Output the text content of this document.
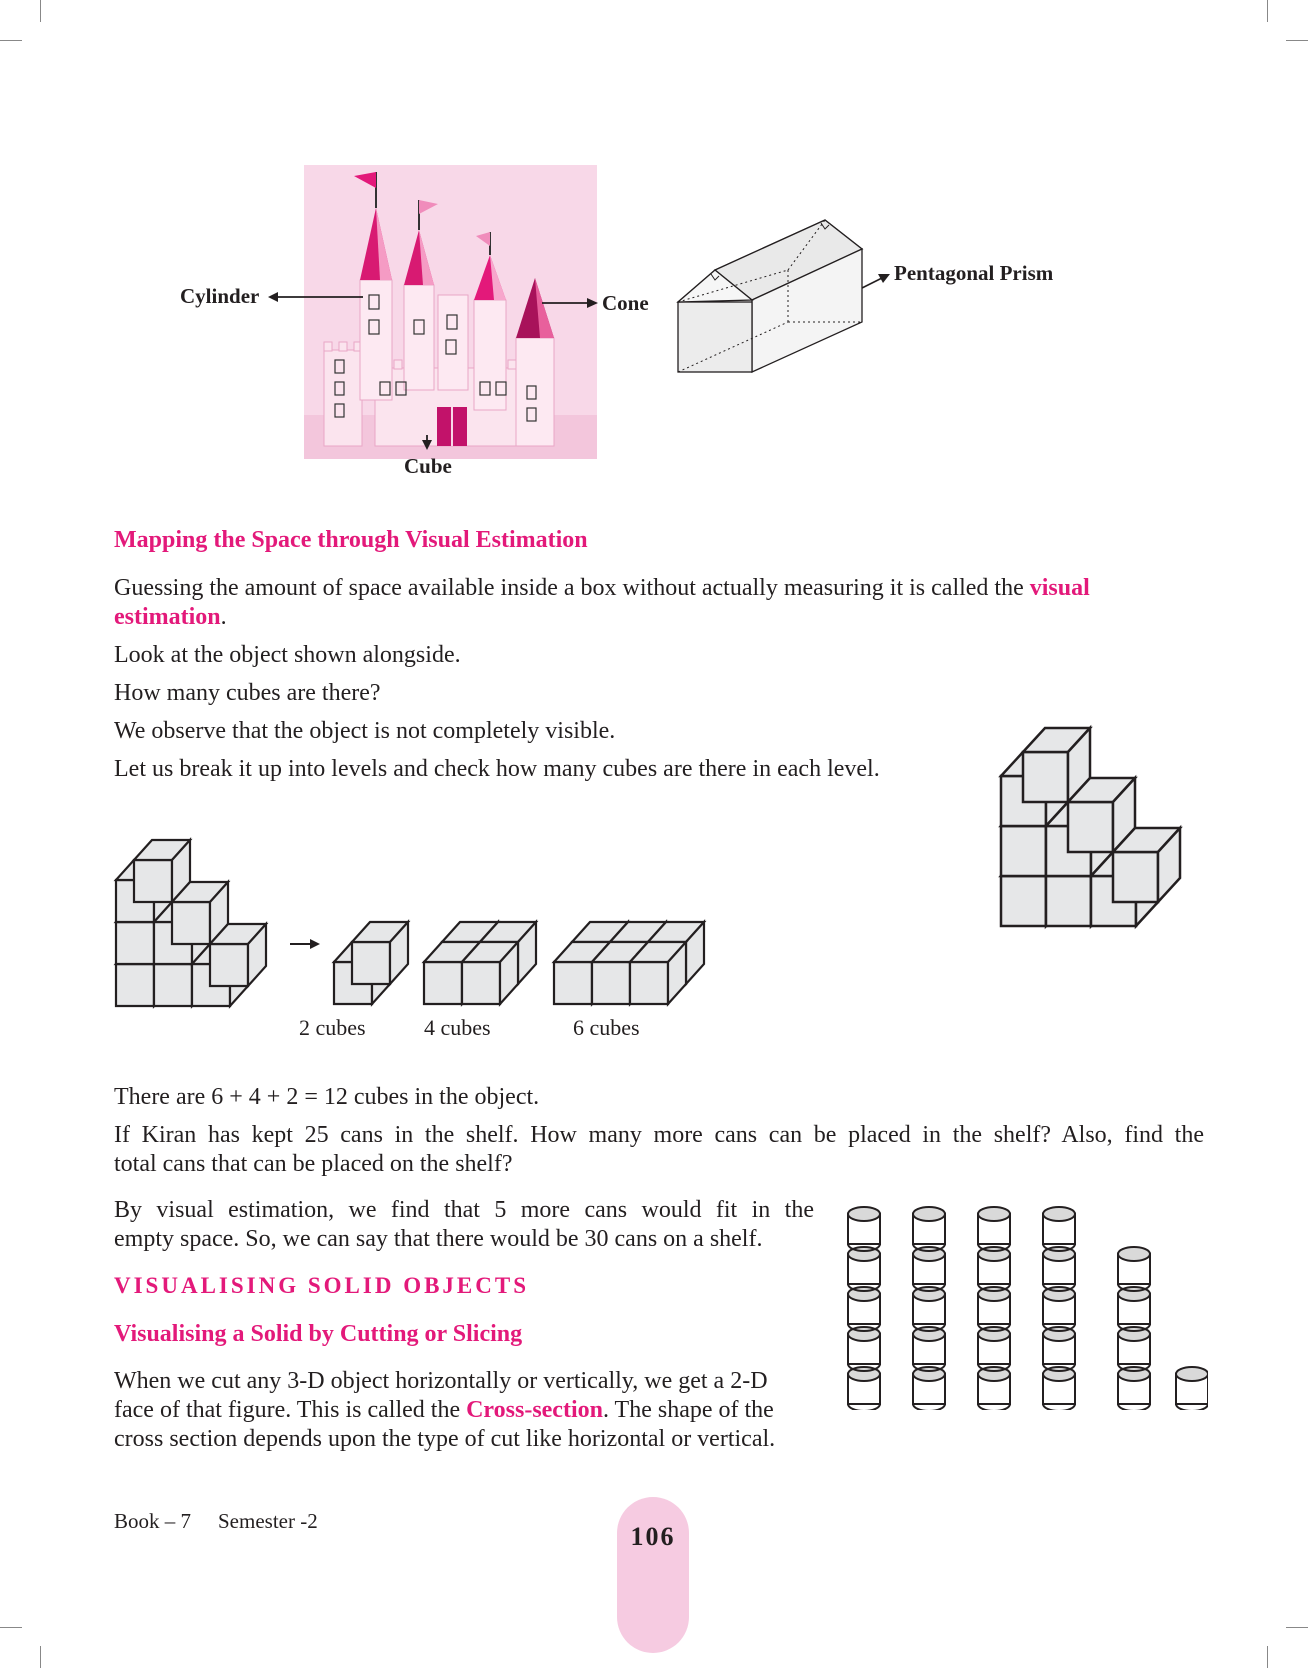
Cylinder	Cone
Cube
Pentagonal Prism
Mapping the Space through Visual Estimation
Guessing the amount of space available inside a box without actually measuring it is called the visual
estimation.
Look at the object shown alongside.
How many cubes are there?
We observe that the object is not completely visible.
Let us break it up into levels and check how many cubes are there in each level.
2 cubes	4 cubes	6 cubes
There are 6 + 4 + 2 = 12 cubes in the object.
If Kiran has kept 25 cans in the shelf. How many more cans can be placed in the shelf? Also, find the
total cans that can be placed on the shelf?
By visual estimation, we find that 5 more cans would fit in the
empty space. So, we can say that there would be 30 cans on a shelf.
VISUALISING SOLID OBJECTS
Visualising a Solid by Cutting or Slicing
When we cut any 3-D object horizontally or vertically, we get a 2-D
face of that figure. This is called the Cross-section. The shape of the
cross section depends upon the type of cut like horizontal or vertical.
Book – 7 Semester -2
106
